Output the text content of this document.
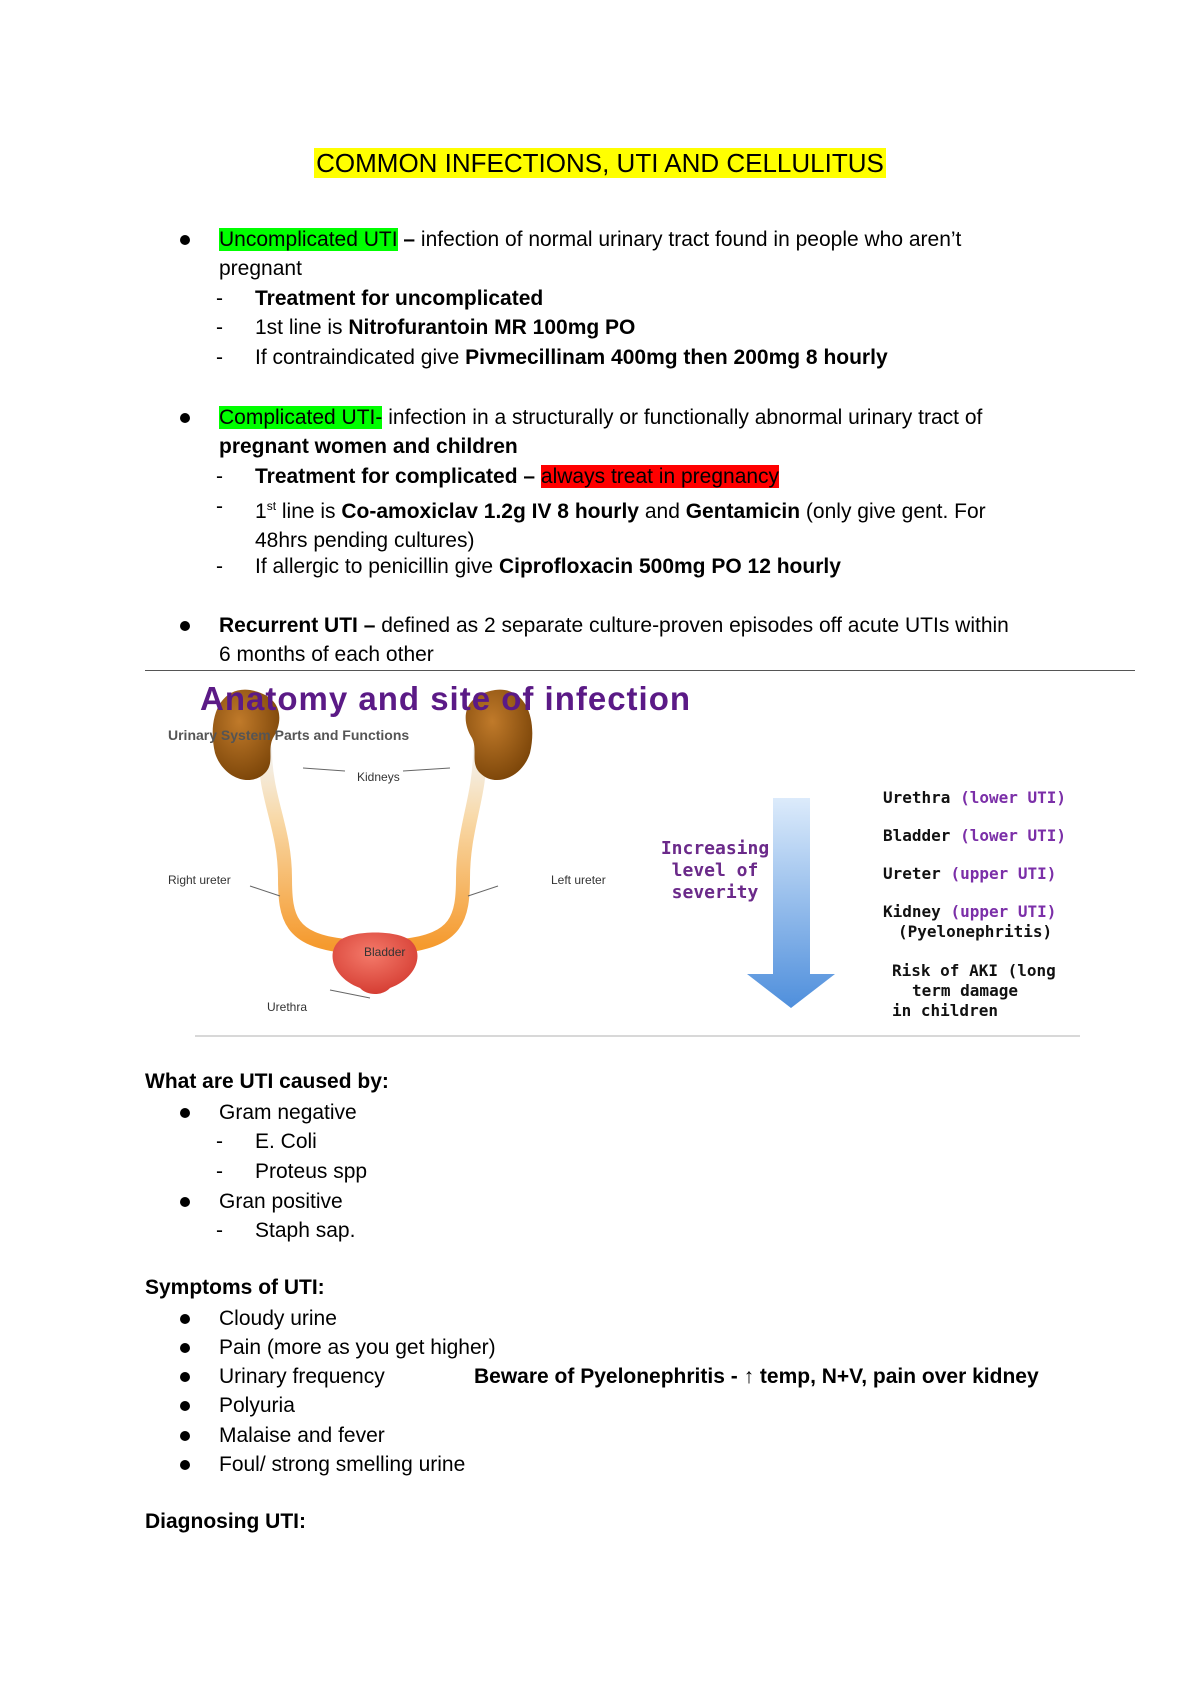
COMMON INFECTIONS, UTI AND CELLULITUS
Uncomplicated UTI – infection of normal urinary tract found in people who aren’t
pregnant
- Treatment for uncomplicated
- 1st line is Nitrofurantoin MR 100mg PO
- If contraindicated give Pivmecillinam 400mg then 200mg 8 hourly
Complicated UTI- infection in a structurally or functionally abnormal urinary tract of
pregnant women and children
- Treatment for complicated – always treat in pregnancy
- 1st line is Co-amoxiclav 1.2g IV 8 hourly and Gentamicin (only give gent. For
48hrs pending cultures)
- If allergic to penicillin give Ciprofloxacin 500mg PO 12 hourly
Recurrent UTI – defined as 2 separate culture-proven episodes off acute UTIs within
6 months of each other
Anatomy and site of infection
Urinary System Parts and Functions
Kidneys
Right ureter	Left ureter
Bladder
Urethra
Increasing
level of
severity
Urethra (lower UTI)
Bladder (lower UTI)
Ureter (upper UTI)
Kidney (upper UTI)
(Pyelonephritis)
Risk of AKI (long
term damage
in children
What are UTI caused by:
Gram negative
- E. Coli
- Proteus spp
Gran positive
- Staph sap.
Symptoms of UTI:
Cloudy urine
Pain (more as you get higher)
Urinary frequency	Beware of Pyelonephritis - ↑ temp, N+V, pain over kidney
Polyuria
Malaise and fever
Foul/ strong smelling urine
Diagnosing UTI:
